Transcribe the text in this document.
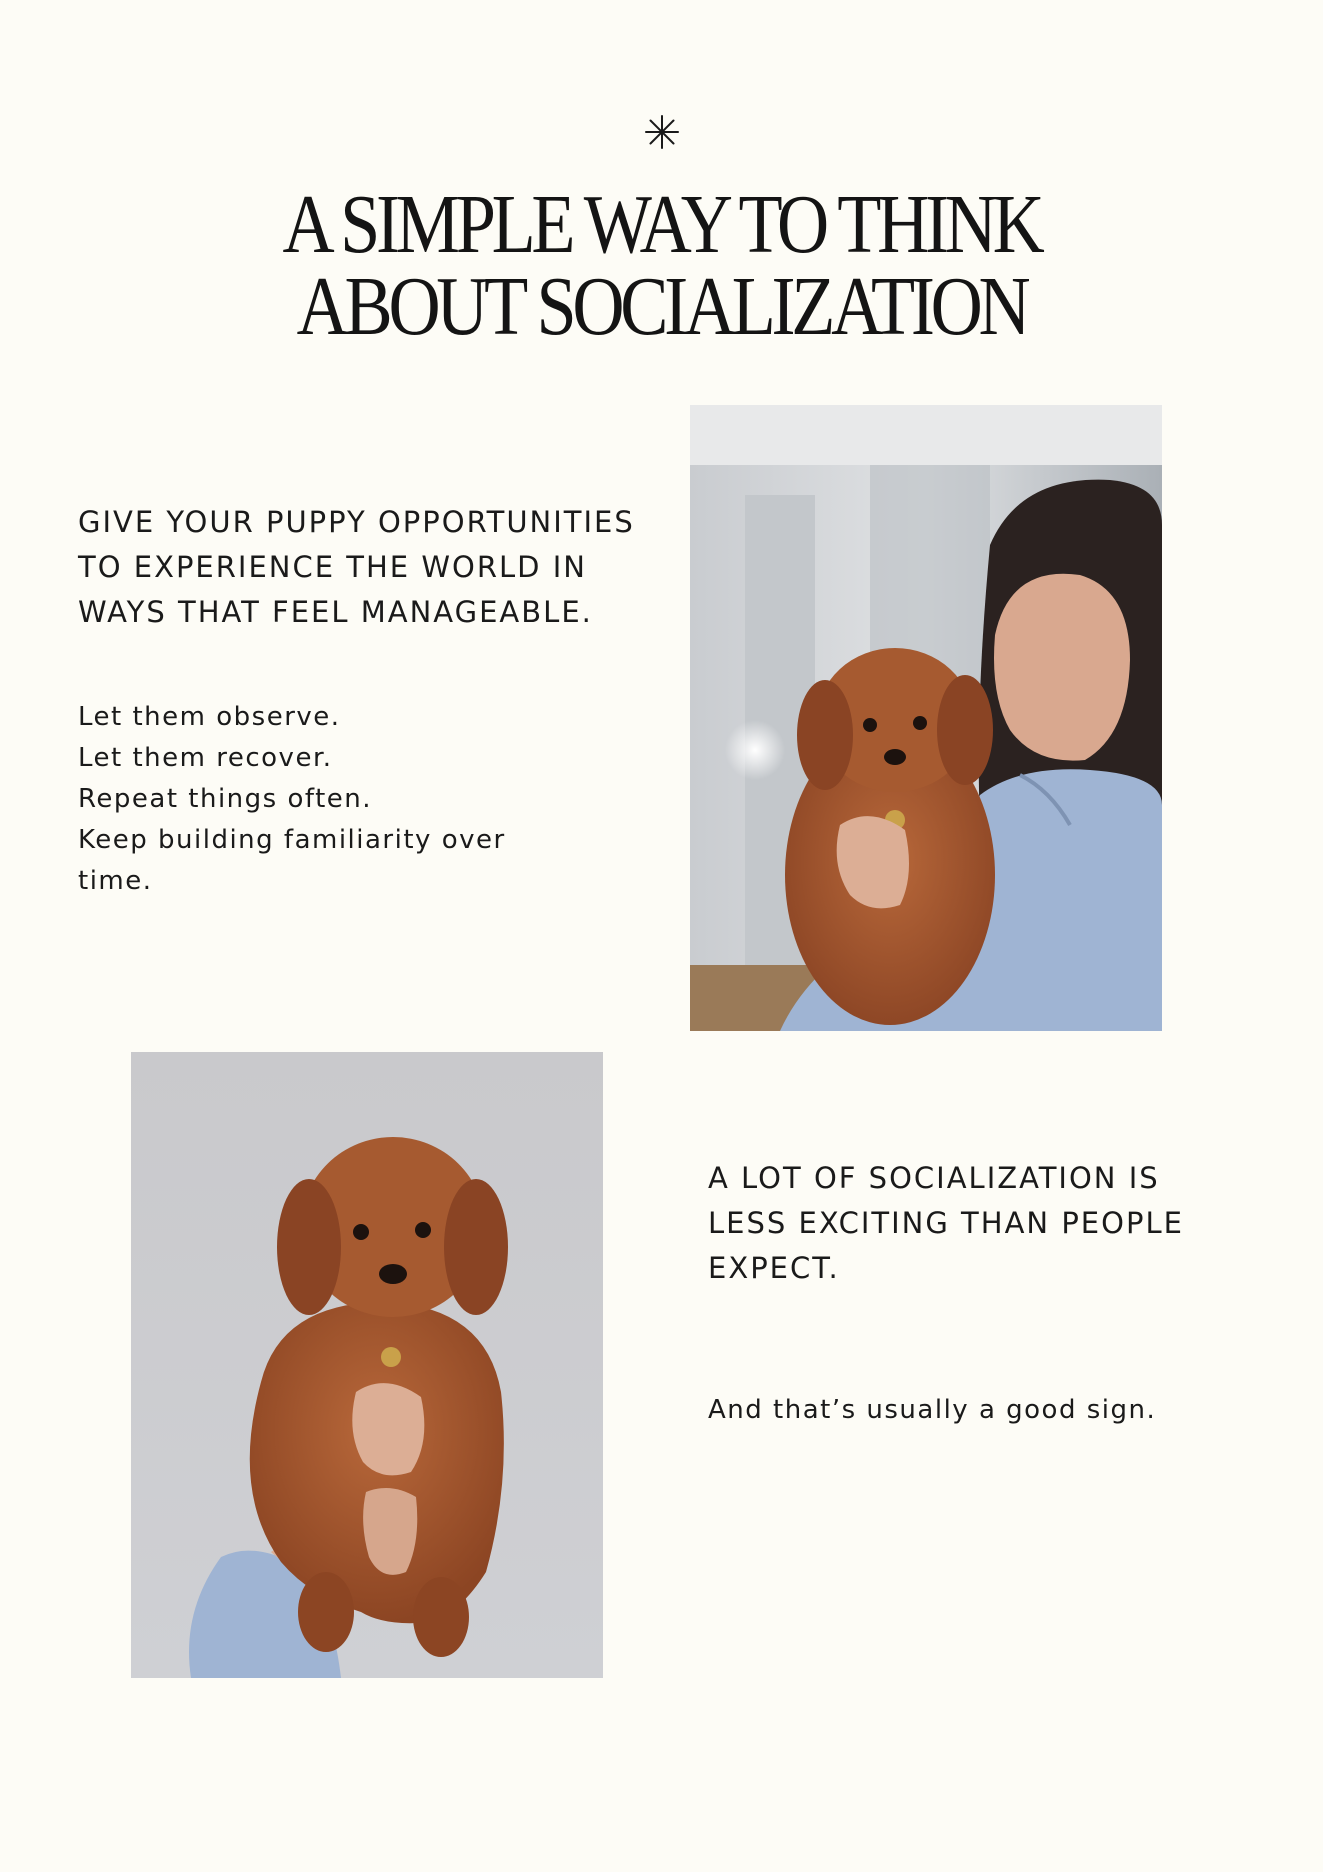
A SIMPLE WAY TO THINK
ABOUT SOCIALIZATION

GIVE YOUR PUPPY OPPORTUNITIES
TO EXPERIENCE THE WORLD IN
WAYS THAT FEEL MANAGEABLE.

Let them observe.
Let them recover.
Repeat things often.
Keep building familiarity over
time.

A LOT OF SOCIALIZATION IS
LESS EXCITING THAN PEOPLE
EXPECT.

And that’s usually a good sign.
